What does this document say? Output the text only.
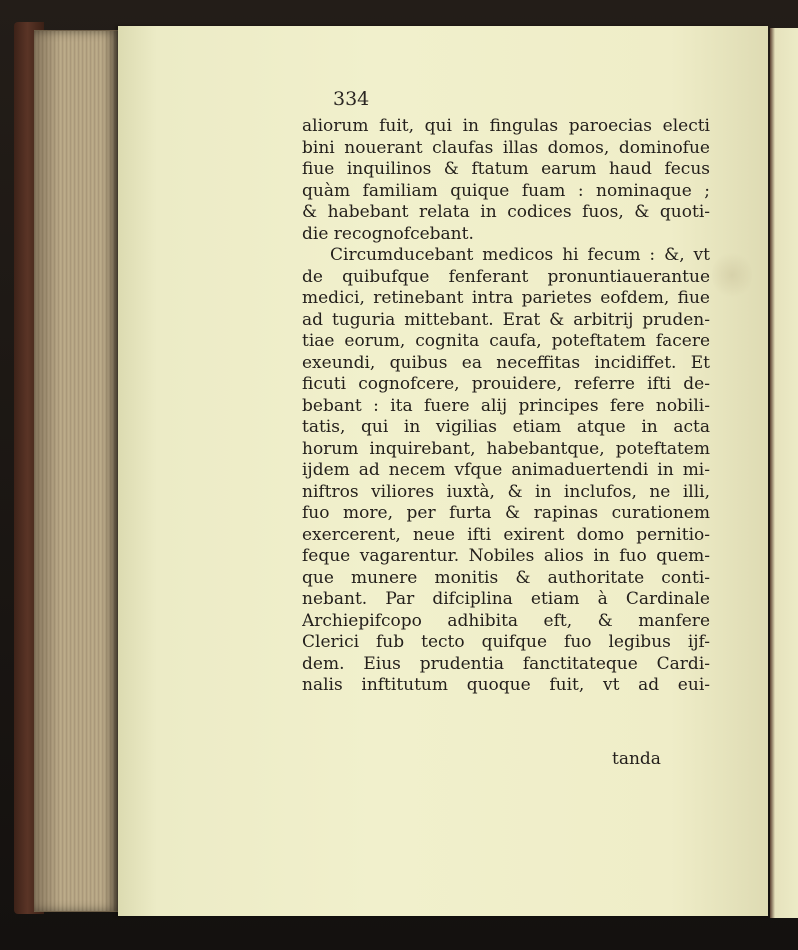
334

aliorum fuit, qui in fingulas paroecias electi
bini nouerant claufas illas domos, dominofue
fiue inquilinos & ftatum earum haud fecus
quàm familiam quique fuam : nominaque ;
& habebant relata in codices fuos, & quoti-
die recognofcebant.
Circumducebant medicos hi fecum : &, vt
de quibufque fenferant pronuntiauerantue
medici, retinebant intra parietes eofdem, fiue
ad tuguria mittebant. Erat & arbitrij pruden-
tiae eorum, cognita caufa, poteftatem facere
exeundi, quibus ea neceffitas incidiffet. Et
ficuti cognofcere, prouidere, referre ifti de-
bebant : ita fuere alij principes fere nobili-
tatis, qui in vigilias etiam atque in acta
horum inquirebant, habebantque, poteftatem
ijdem ad necem vfque animaduertendi in mi-
niftros viliores iuxtà, & in inclufos, ne illi,
fuo more, per furta & rapinas curationem
exercerent, neue ifti exirent domo pernitio-
feque vagarentur. Nobiles alios in fuo quem-
que munere monitis & authoritate conti-
nebant. Par difciplina etiam à Cardinale
Archiepifcopo adhibita eft, & manfere
Clerici fub tecto quifque fuo legibus ijf-
dem. Eius prudentia fanctitateque Cardi-
nalis inftitutum quoque fuit, vt ad eui-

tanda
